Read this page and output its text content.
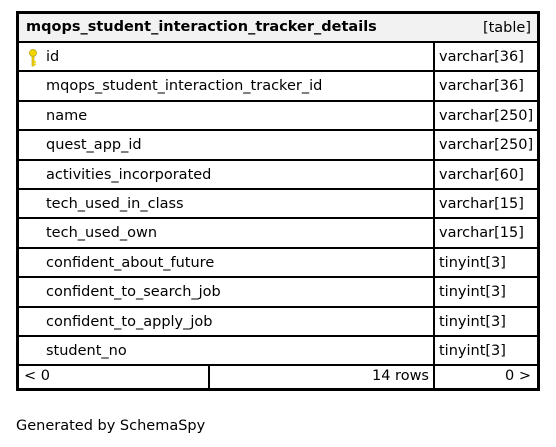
mqops_student_interaction_tracker_details	[table]
id	varchar[36]
mqops_student_interaction_tracker_id	varchar[36]
name	varchar[250]
quest_app_id	varchar[250]
activities_incorporated	varchar[60]
tech_used_in_class	varchar[15]
tech_used_own	varchar[15]
confident_about_future	tinyint[3]
confident_to_search_job	tinyint[3]
confident_to_apply_job	tinyint[3]
student_no	tinyint[3]
< 0	14 rows	0 >
Generated by SchemaSpy
